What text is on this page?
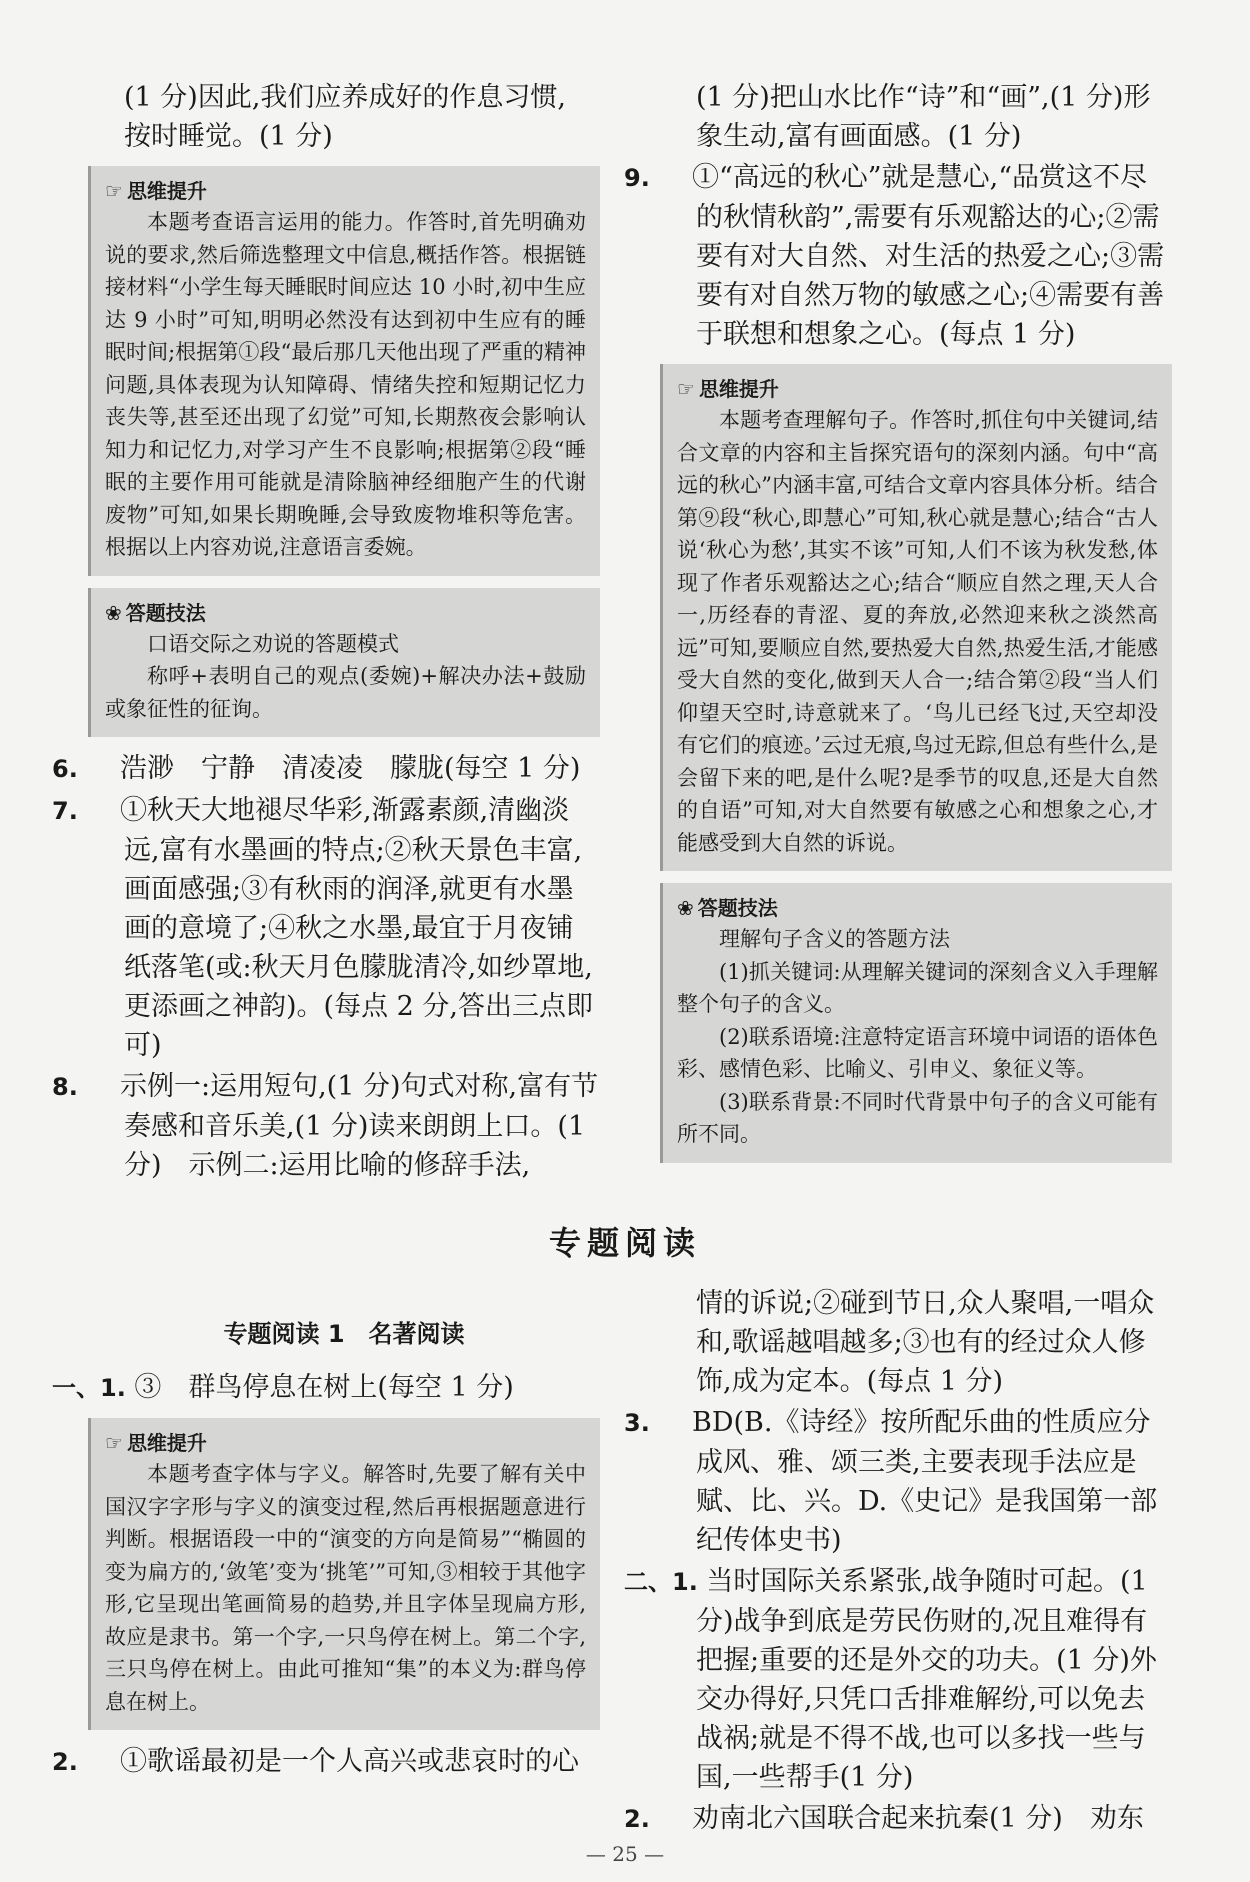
(1 分)因此,我们应养成好的作息习惯,

按时睡觉。(1 分)

☞ 思维提升

本题考查语言运用的能力。作答时,首先明确劝说的要求,然后筛选整理文中信息,概括作答。根据链接材料“小学生每天睡眠时间应达 10 小时,初中生应达 9 小时”可知,明明必然没有达到初中生应有的睡眠时间;根据第①段“最后那几天他出现了严重的精神问题,具体表现为认知障碍、情绪失控和短期记忆力丧失等,甚至还出现了幻觉”可知,长期熬夜会影响认知力和记忆力,对学习产生不良影响;根据第②段“睡眠的主要作用可能就是清除脑神经细胞产生的代谢废物”可知,如果长期晚睡,会导致废物堆积等危害。根据以上内容劝说,注意语言委婉。

❀ 答题技法

口语交际之劝说的答题模式

称呼+表明自己的观点(委婉)+解决办法+鼓励或象征性的征询。

6. 浩渺　宁静　清凌凌　朦胧(每空 1 分)

7. ①秋天大地褪尽华彩,渐露素颜,清幽淡远,富有水墨画的特点;②秋天景色丰富,画面感强;③有秋雨的润泽,就更有水墨画的意境了;④秋之水墨,最宜于月夜铺纸落笔(或:秋天月色朦胧清冷,如纱罩地,更添画之神韵)。(每点 2 分,答出三点即可)

8. 示例一:运用短句,(1 分)句式对称,富有节奏感和音乐美,(1 分)读来朗朗上口。(1 分)　示例二:运用比喻的修辞手法,

(1 分)把山水比作“诗”和“画”,(1 分)形

象生动,富有画面感。(1 分)

9. ①“高远的秋心”就是慧心,“品赏这不尽的秋情秋韵”,需要有乐观豁达的心;②需要有对大自然、对生活的热爱之心;③需要有对自然万物的敏感之心;④需要有善于联想和想象之心。(每点 1 分)

☞ 思维提升

本题考查理解句子。作答时,抓住句中关键词,结合文章的内容和主旨探究语句的深刻内涵。句中“高远的秋心”内涵丰富,可结合文章内容具体分析。结合第⑨段“秋心,即慧心”可知,秋心就是慧心;结合“古人说‘秋心为愁’,其实不该”可知,人们不该为秋发愁,体现了作者乐观豁达之心;结合“顺应自然之理,天人合一,历经春的青涩、夏的奔放,必然迎来秋之淡然高远”可知,要顺应自然,要热爱大自然,热爱生活,才能感受大自然的变化,做到天人合一;结合第②段“当人们仰望天空时,诗意就来了。‘鸟儿已经飞过,天空却没有它们的痕迹。’云过无痕,鸟过无踪,但总有些什么,是会留下来的吧,是什么呢?是季节的叹息,还是大自然的自语”可知,对大自然要有敏感之心和想象之心,才能感受到大自然的诉说。

❀ 答题技法

理解句子含义的答题方法

(1)抓关键词:从理解关键词的深刻含义入手理解整个句子的含义。

(2)联系语境:注意特定语言环境中词语的语体色彩、感情色彩、比喻义、引申义、象征义等。

(3)联系背景:不同时代背景中句子的含义可能有所不同。

专题阅读
专题阅读 1　名著阅读

一、1. ③　群鸟停息在树上(每空 1 分)

☞ 思维提升

本题考查字体与字义。解答时,先要了解有关中国汉字字形与字义的演变过程,然后再根据题意进行判断。根据语段一中的“演变的方向是简易”“椭圆的变为扁方的,‘敛笔’变为‘挑笔’”可知,③相较于其他字形,它呈现出笔画简易的趋势,并且字体呈现扁方形,故应是隶书。第一个字,一只鸟停在树上。第二个字,三只鸟停在树上。由此可推知“集”的本义为:群鸟停息在树上。

2. ①歌谣最初是一个人高兴或悲哀时的心

情的诉说;②碰到节日,众人聚唱,一唱众和,歌谣越唱越多;③也有的经过众人修饰,成为定本。(每点 1 分)

3. BD(B.《诗经》按所配乐曲的性质应分成风、雅、颂三类,主要表现手法应是赋、比、兴。D.《史记》是我国第一部纪传体史书)

二、1. 当时国际关系紧张,战争随时可起。(1 分)战争到底是劳民伤财的,况且难得有把握;重要的还是外交的功夫。(1 分)外交办得好,只凭口舌排难解纷,可以免去战祸;就是不得不战,也可以多找一些与国,一些帮手(1 分)

2. 劝南北六国联合起来抗秦(1 分)　劝东

— 25 —
